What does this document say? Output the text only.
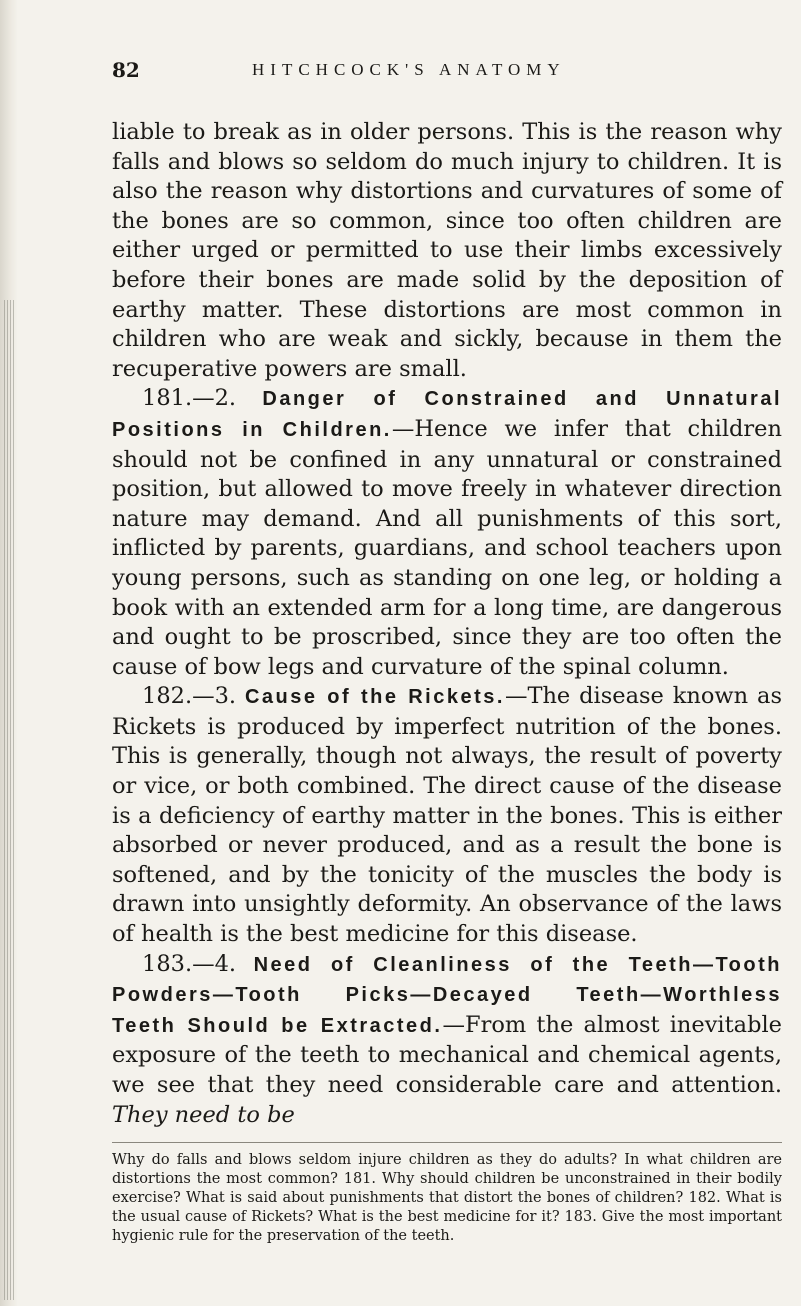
82	HITCHCOCK'S ANATOMY

liable to break as in older persons. This is the reason why falls and blows so seldom do much injury to children. It is also the reason why distortions and curvatures of some of the bones are so common, since too often children are either urged or permitted to use their limbs excessively before their bones are made solid by the deposition of earthy matter. These distortions are most common in children who are weak and sickly, because in them the recuperative powers are small.

181.—2. Danger of Constrained and Unnatural Positions in Children.—Hence we infer that children should not be confined in any unnatural or constrained position, but allowed to move freely in whatever direction nature may demand. And all punishments of this sort, inflicted by parents, guardians, and school teachers upon young persons, such as standing on one leg, or holding a book with an extended arm for a long time, are dangerous and ought to be proscribed, since they are too often the cause of bow legs and curvature of the spinal column.

182.—3. Cause of the Rickets.—The disease known as Rickets is produced by imperfect nutrition of the bones. This is generally, though not always, the result of poverty or vice, or both combined. The direct cause of the disease is a deficiency of earthy matter in the bones. This is either absorbed or never produced, and as a result the bone is softened, and by the tonicity of the muscles the body is drawn into unsightly deformity. An observance of the laws of health is the best medicine for this disease.

183.—4. Need of Cleanliness of the Teeth—Tooth Powders—Tooth Picks—Decayed Teeth—Worthless Teeth Should be Extracted.—From the almost inevitable exposure of the teeth to mechanical and chemical agents, we see that they need considerable care and attention. They need to be

Why do falls and blows seldom injure children as they do adults? In what children are distortions the most common? 181. Why should children be unconstrained in their bodily exercise? What is said about punishments that distort the bones of children? 182. What is the usual cause of Rickets? What is the best medicine for it? 183. Give the most important hygienic rule for the preservation of the teeth.
